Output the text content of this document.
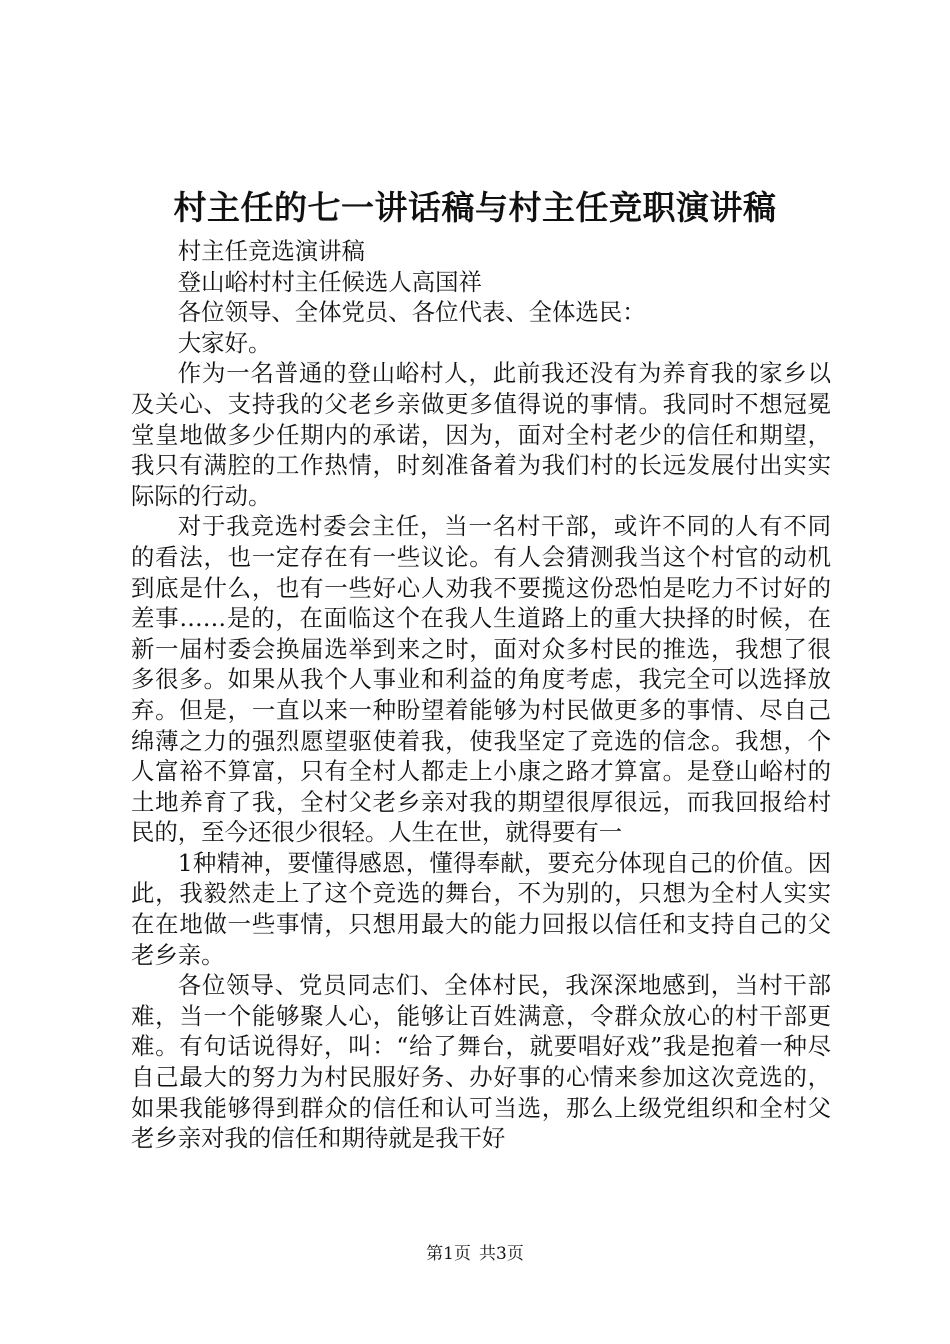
村主任的七一讲话稿与村主任竞职演讲稿

村主任竞选演讲稿

登山峪村村主任候选人高国祥

各位领导、全体党员、各位代表、全体选民：

大家好。

作为一名普通的登山峪村人，此前我还没有为养育我的家乡以及关心、支持我的父老乡亲做更多值得说的事情。我同时不想冠冕堂皇地做多少任期内的承诺，因为，面对全村老少的信任和期望，我只有满腔的工作热情，时刻准备着为我们村的长远发展付出实实际际的行动。

对于我竞选村委会主任，当一名村干部，或许不同的人有不同的看法，也一定存在有一些议论。有人会猜测我当这个村官的动机到底是什么，也有一些好心人劝我不要揽这份恐怕是吃力不讨好的差事……是的，在面临这个在我人生道路上的重大抉择的时候，在新一届村委会换届选举到来之时，面对众多村民的推选，我想了很多很多。如果从我个人事业和利益的角度考虑，我完全可以选择放弃。但是，一直以来一种盼望着能够为村民做更多的事情、尽自己绵薄之力的强烈愿望驱使着我，使我坚定了竞选的信念。我想，个人富裕不算富，只有全村人都走上小康之路才算富。是登山峪村的土地养育了我，全村父老乡亲对我的期望很厚很远，而我回报给村民的，至今还很少很轻。人生在世，就得要有一

1种精神，要懂得感恩，懂得奉献，要充分体现自己的价值。因此，我毅然走上了这个竞选的舞台，不为别的，只想为全村人实实在在地做一些事情，只想用最大的能力回报以信任和支持自己的父老乡亲。

各位领导、党员同志们、全体村民，我深深地感到，当村干部难，当一个能够聚人心，能够让百姓满意，令群众放心的村干部更难。有句话说得好，叫：“给了舞台，就要唱好戏”我是抱着一种尽自己最大的努力为村民服好务、办好事的心情来参加这次竞选的，如果我能够得到群众的信任和认可当选，那么上级党组织和全村父老乡亲对我的信任和期待就是我干好

第1页 共3页
